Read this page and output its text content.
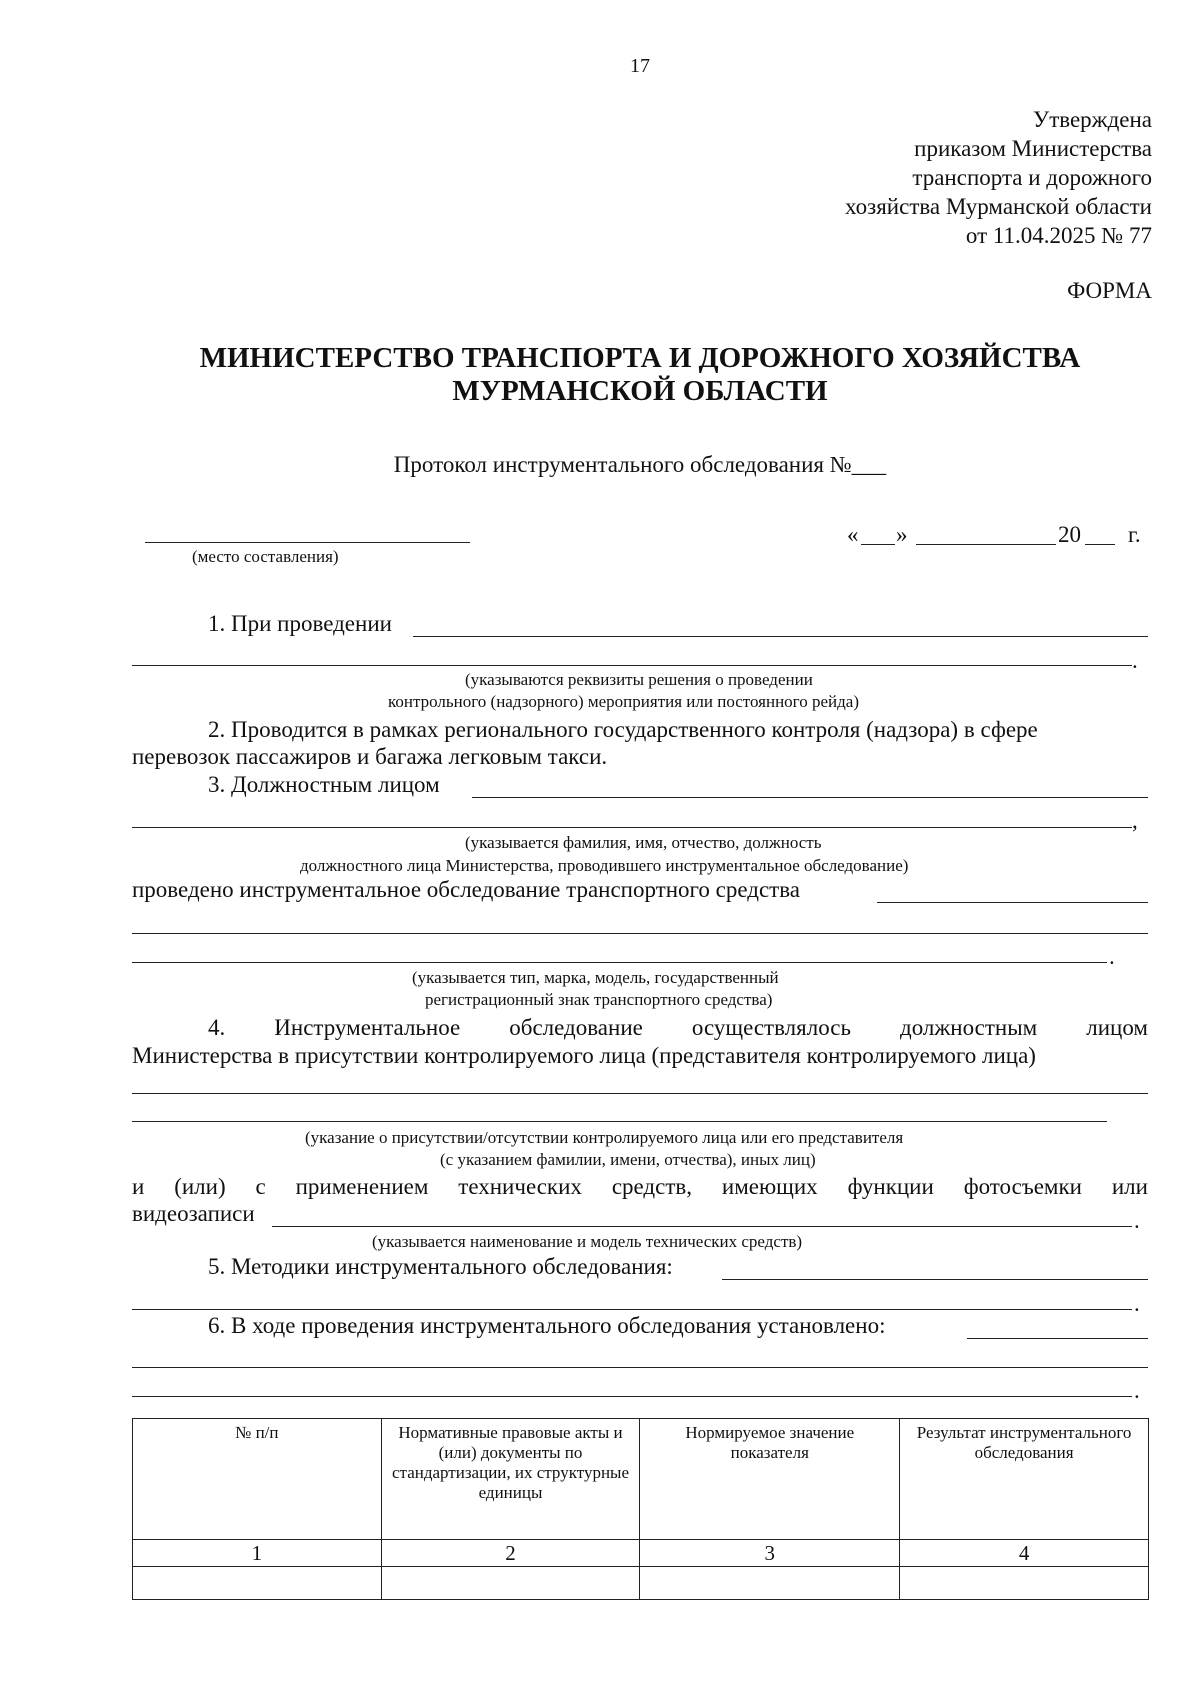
17
Утверждена
приказом Министерства
транспорта и дорожного
хозяйства Мурманской области
от 11.04.2025 № 77
ФОРМА
МИНИСТЕРСТВО ТРАНСПОРТА И ДОРОЖНОГО ХОЗЯЙСТВА
МУРМАНСКОЙ ОБЛАСТИ
Протокол инструментального обследования №___
(место составления)
« »	20 г.
1. При проведении
.
(указываются реквизиты решения о проведении
контрольного (надзорного) мероприятия или постоянного рейда)
2. Проводится в рамках регионального государственного контроля (надзора) в сфере
перевозок пассажиров и багажа легковым такси.
3. Должностным лицом
,
(указывается фамилия, имя, отчество, должность
должностного лица Министерства, проводившего инструментальное обследование)
проведено инструментальное обследование транспортного средства
.
(указывается тип, марка, модель, государственный
регистрационный знак транспортного средства)
4. Инструментальное обследование осуществлялось должностным лицом
Министерства в присутствии контролируемого лица (представителя контролируемого лица)
(указание о присутствии/отсутствии контролируемого лица или его представителя
(с указанием фамилии, имени, отчества), иных лиц)
и (или) с применением технических средств, имеющих функции фотосъемки или
видеозаписи	.
(указывается наименование и модель технических средств)
5. Методики инструментального обследования:
.
6. В ходе проведения инструментального обследования установлено:
.
№ п/п	Нормативные правовые акты и (или) документы по стандартизации, их структурные единицы	Нормируемое значение показателя	Результат инструментального обследования
1	2	3	4
